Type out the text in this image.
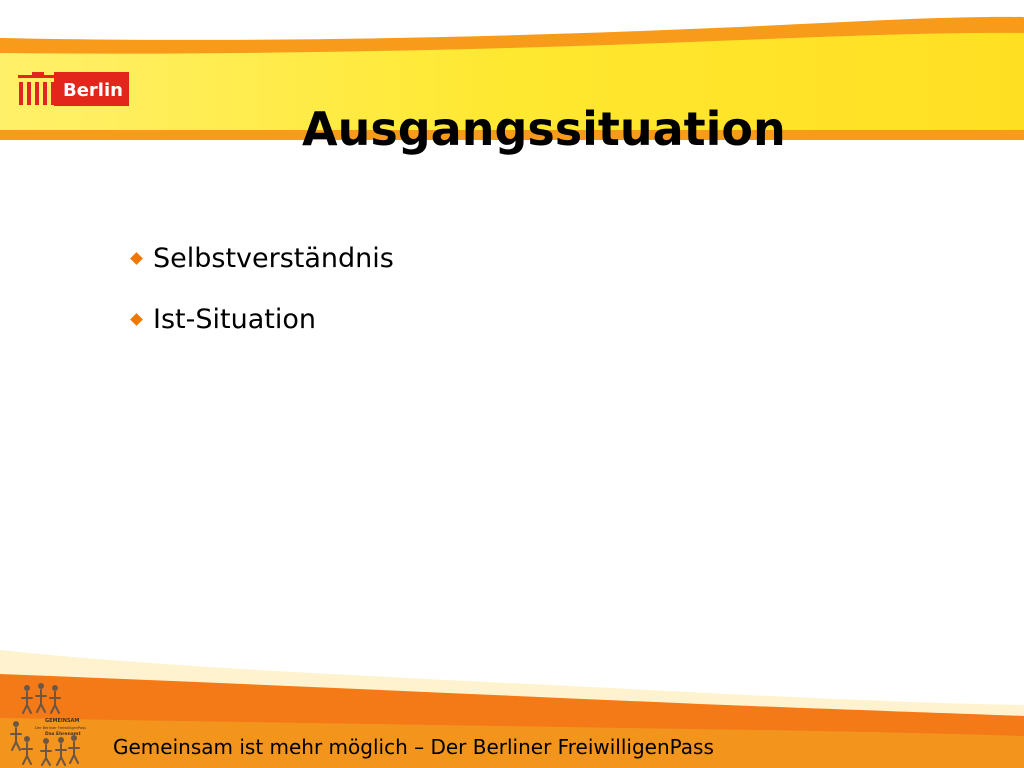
Berlin
Ausgangssituation
Selbstverständnis
Ist-Situation
GEMEINSAM
Der Berliner FreiwilligenPass
Das Ehrenamt
Gemeinsam ist mehr möglich – Der Berliner FreiwilligenPass
